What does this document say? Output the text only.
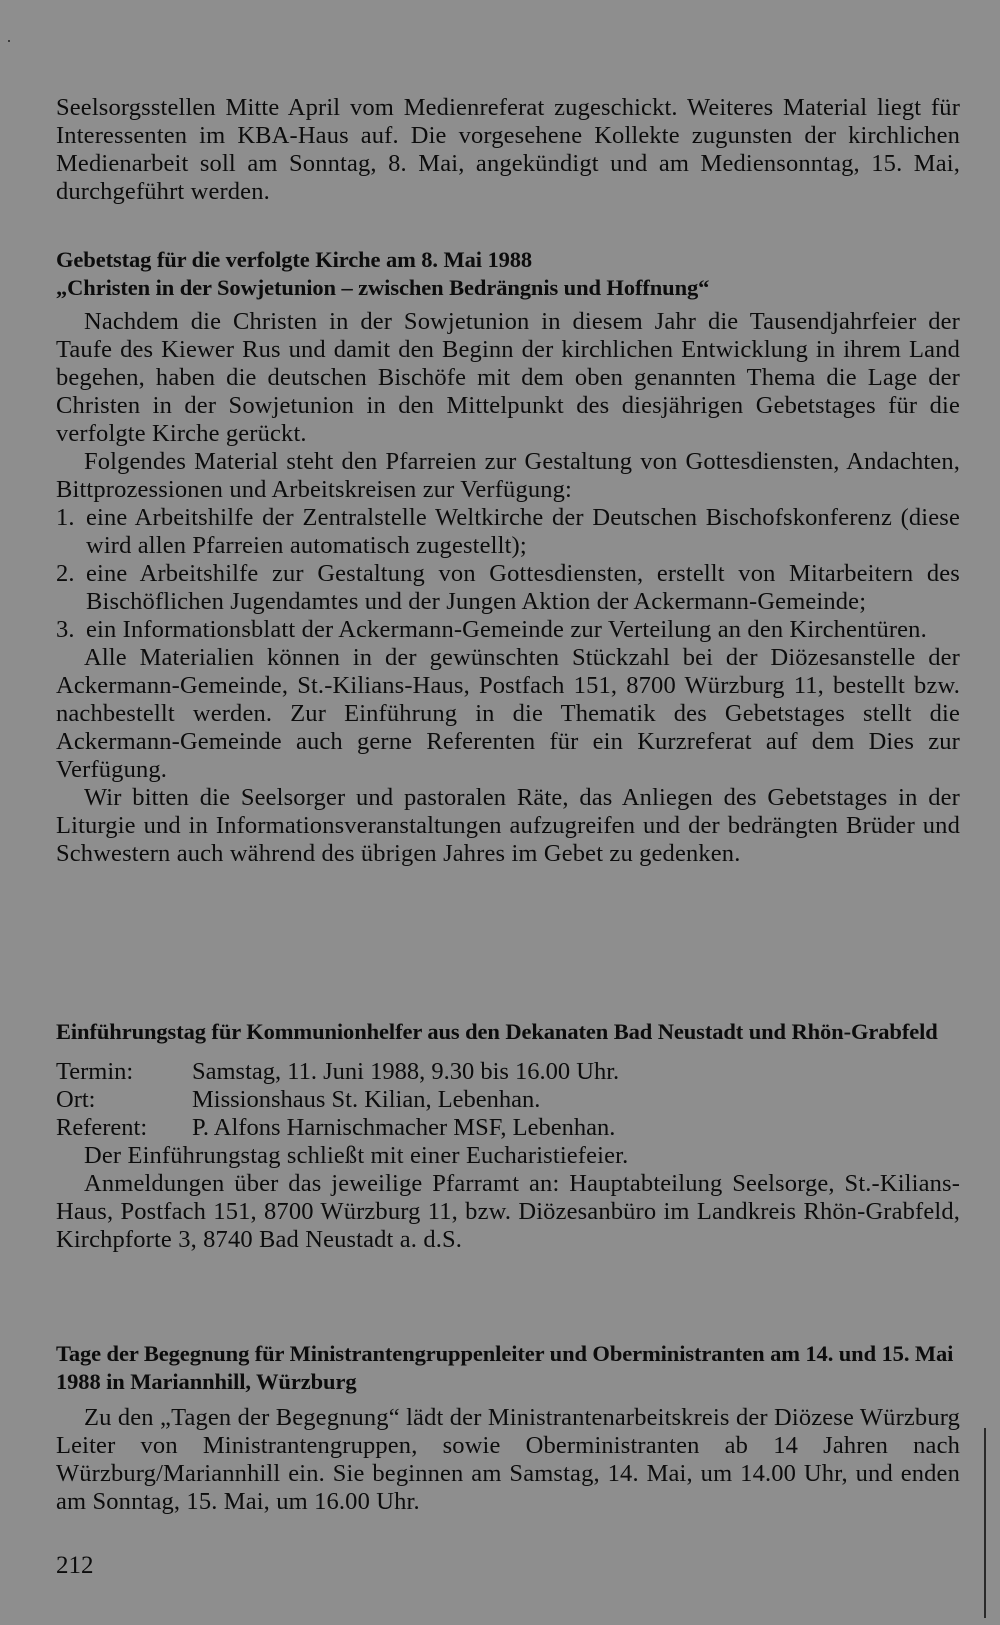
Seelsorgsstellen Mitte April vom Medienreferat zugeschickt. Weiteres Material liegt für Interessenten im KBA-Haus auf. Die vorgesehene Kollekte zugunsten der kirchlichen Medienarbeit soll am Sonntag, 8. Mai, angekündigt und am Mediensonntag, 15. Mai, durchgeführt werden.

Gebetstag für die verfolgte Kirche am 8. Mai 1988

„Christen in der Sowjetunion – zwischen Bedrängnis und Hoffnung“

Nachdem die Christen in der Sowjetunion in diesem Jahr die Tausendjahrfeier der Taufe des Kiewer Rus und damit den Beginn der kirchlichen Entwicklung in ihrem Land begehen, haben die deutschen Bischöfe mit dem oben genannten Thema die Lage der Christen in der Sowjetunion in den Mittelpunkt des diesjährigen Gebetstages für die verfolgte Kirche gerückt.

Folgendes Material steht den Pfarreien zur Gestaltung von Gottesdiensten, Andachten, Bittprozessionen und Arbeitskreisen zur Verfügung:

1. eine Arbeitshilfe der Zentralstelle Weltkirche der Deutschen Bischofskonferenz (diese wird allen Pfarreien automatisch zugestellt);
2. eine Arbeitshilfe zur Gestaltung von Gottesdiensten, erstellt von Mitarbeitern des Bischöflichen Jugendamtes und der Jungen Aktion der Ackermann-Gemeinde;
3. ein Informationsblatt der Ackermann-Gemeinde zur Verteilung an den Kirchentüren.

Alle Materialien können in der gewünschten Stückzahl bei der Diözesanstelle der Ackermann-Gemeinde, St.-Kilians-Haus, Postfach 151, 8700 Würzburg 11, bestellt bzw. nachbestellt werden. Zur Einführung in die Thematik des Gebetstages stellt die Ackermann-Gemeinde auch gerne Referenten für ein Kurzreferat auf dem Dies zur Verfügung.

Wir bitten die Seelsorger und pastoralen Räte, das Anliegen des Gebetstages in der Liturgie und in Informationsveranstaltungen aufzugreifen und der bedrängten Brüder und Schwestern auch während des übrigen Jahres im Gebet zu gedenken.

Einführungstag für Kommunionhelfer aus den Dekanaten Bad Neustadt und Rhön-Grabfeld

Termin:	Samstag, 11. Juni 1988, 9.30 bis 16.00 Uhr.
Ort:	Missionshaus St. Kilian, Lebenhan.
Referent:	P. Alfons Harnischmacher MSF, Lebenhan.

Der Einführungstag schließt mit einer Eucharistiefeier.

Anmeldungen über das jeweilige Pfarramt an: Hauptabteilung Seelsorge, St.-Kilians-Haus, Postfach 151, 8700 Würzburg 11, bzw. Diözesanbüro im Landkreis Rhön-Grabfeld, Kirchpforte 3, 8740 Bad Neustadt a. d.S.

Tage der Begegnung für Ministrantengruppenleiter und Oberministranten am 14. und 15. Mai 1988 in Mariannhill, Würzburg

Zu den „Tagen der Begegnung“ lädt der Ministrantenarbeitskreis der Diözese Würzburg Leiter von Ministrantengruppen, sowie Oberministranten ab 14 Jahren nach Würzburg/Mariannhill ein. Sie beginnen am Samstag, 14. Mai, um 14.00 Uhr, und enden am Sonntag, 15. Mai, um 16.00 Uhr.

212
